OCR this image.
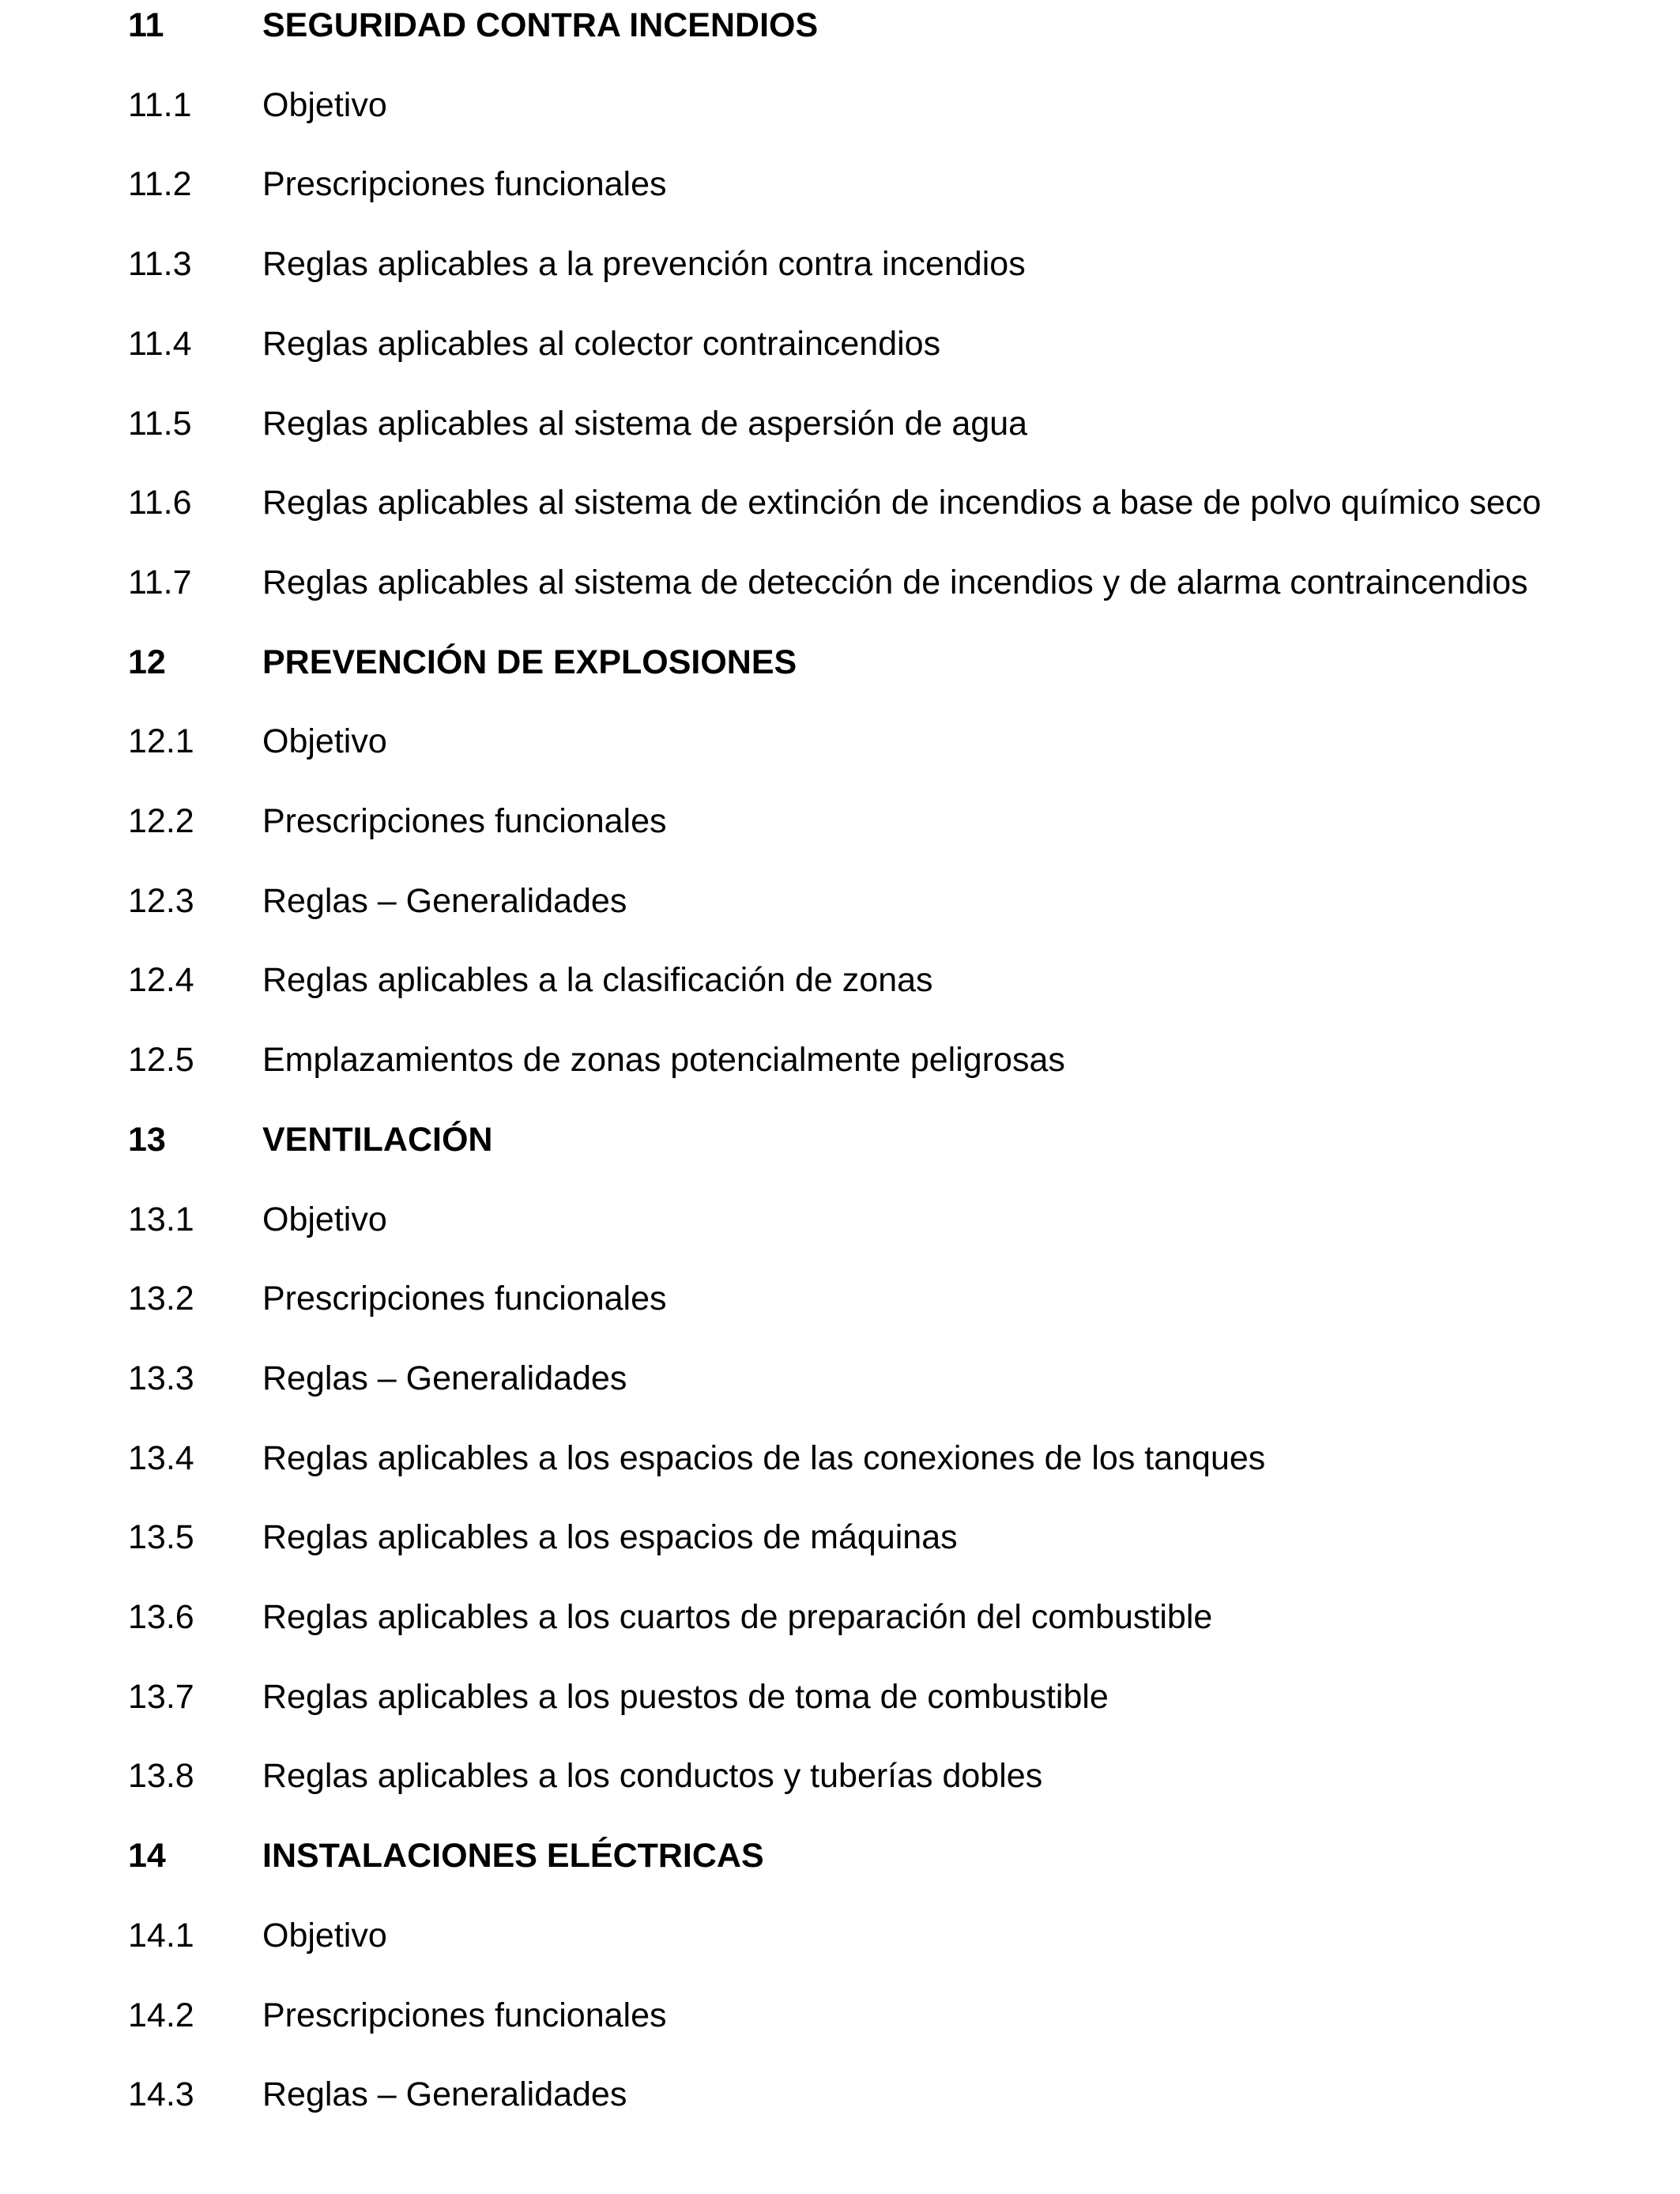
11	SEGURIDAD CONTRA INCENDIOS
11.1 Objetivo
11.2 Prescripciones funcionales
11.3 Reglas aplicables a la prevención contra incendios
11.4 Reglas aplicables al colector contraincendios
11.5 Reglas aplicables al sistema de aspersión de agua
11.6 Reglas aplicables al sistema de extinción de incendios a base de polvo químico seco
11.7 Reglas aplicables al sistema de detección de incendios y de alarma contraincendios
12	PREVENCIÓN DE EXPLOSIONES
12.1 Objetivo
12.2 Prescripciones funcionales
12.3 Reglas – Generalidades
12.4 Reglas aplicables a la clasificación de zonas
12.5 Emplazamientos de zonas potencialmente peligrosas
13	VENTILACIÓN
13.1 Objetivo
13.2 Prescripciones funcionales
13.3 Reglas – Generalidades
13.4 Reglas aplicables a los espacios de las conexiones de los tanques
13.5 Reglas aplicables a los espacios de máquinas
13.6 Reglas aplicables a los cuartos de preparación del combustible
13.7 Reglas aplicables a los puestos de toma de combustible
13.8 Reglas aplicables a los conductos y tuberías dobles
14	INSTALACIONES ELÉCTRICAS
14.1 Objetivo
14.2 Prescripciones funcionales
14.3 Reglas – Generalidades
